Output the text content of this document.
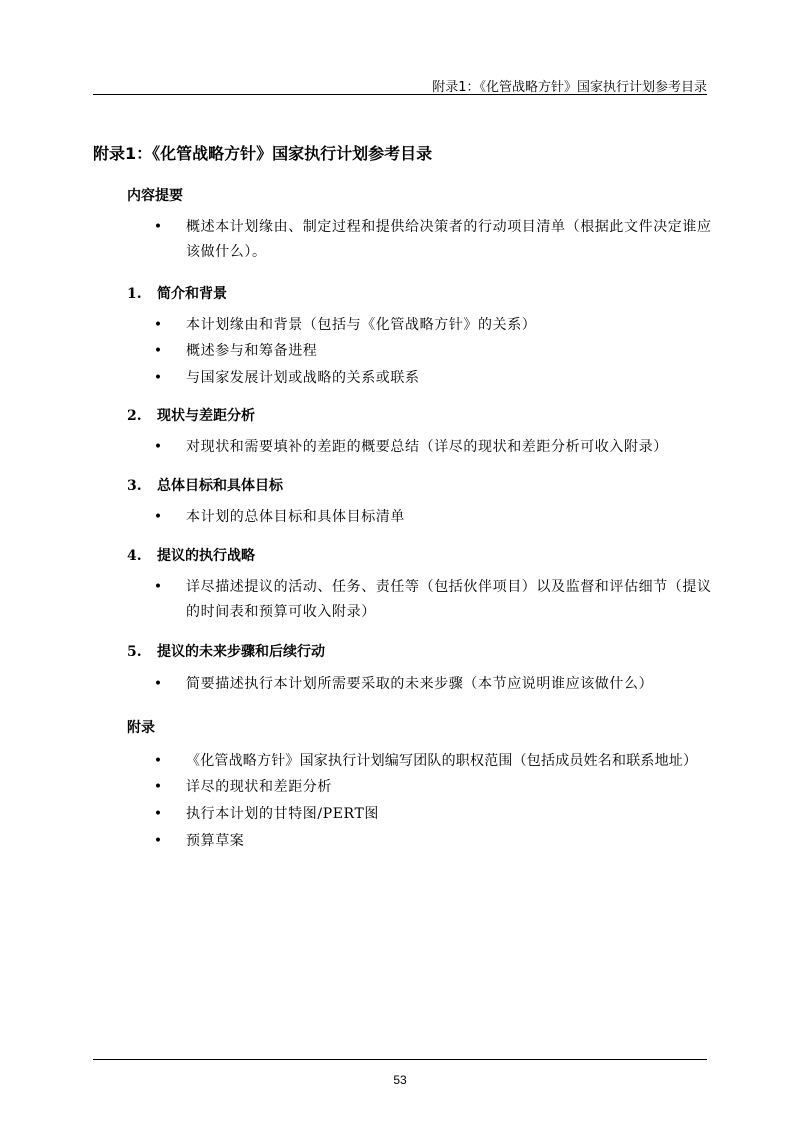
附录1：《化管战略方针》国家执行计划参考目录
附录1：《化管战略方针》国家执行计划参考目录
内容提要
• 概述本计划缘由、制定过程和提供给决策者的行动项目清单（根据此文件决定谁应该做什么）。
1. 简介和背景
• 本计划缘由和背景（包括与《化管战略方针》的关系）
• 概述参与和筹备进程
• 与国家发展计划或战略的关系或联系
2. 现状与差距分析
• 对现状和需要填补的差距的概要总结（详尽的现状和差距分析可收入附录）
3. 总体目标和具体目标
• 本计划的总体目标和具体目标清单
4. 提议的执行战略
• 详尽描述提议的活动、任务、责任等（包括伙伴项目）以及监督和评估细节（提议的时间表和预算可收入附录）
5. 提议的未来步骤和后续行动
• 简要描述执行本计划所需要采取的未来步骤（本节应说明谁应该做什么）
附录
• 《化管战略方针》国家执行计划编写团队的职权范围（包括成员姓名和联系地址）
• 详尽的现状和差距分析
• 执行本计划的甘特图/PERT图
• 预算草案
53
